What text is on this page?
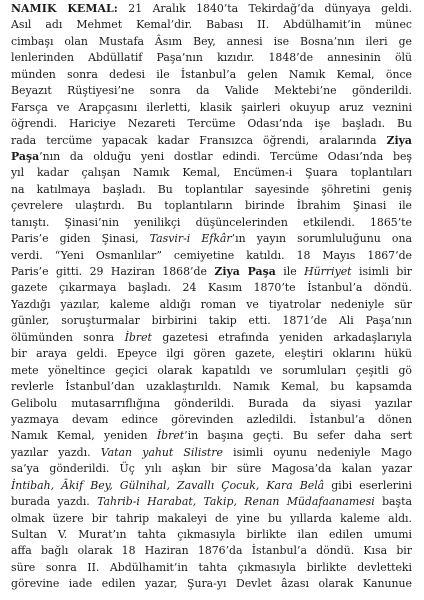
NAMIK KEMAL: 21 Aralık 1840’ta Tekirdağ’da dünyaya geldi.
Asıl adı Mehmet Kemal’dir. Babası II. Abdülhamit’in münec
cimbaşı olan Mustafa Âsım Bey, annesi ise Bosna’nın ileri ge
lenlerinden Abdüllatif Paşa’nın kızıdır. 1848’de annesinin ölü
münden sonra dedesi ile İstanbul’a gelen Namık Kemal, önce
Beyazıt Rüştiyesi’ne sonra da Valide Mektebi’ne gönderildi.
Farsça ve Arapçasını ilerletti, klasik şairleri okuyup aruz veznini
öğrendi. Hariciye Nezareti Tercüme Odası’nda işe başladı. Bu
rada tercüme yapacak kadar Fransızca öğrendi, aralarında Ziya
Paşa’nın da olduğu yeni dostlar edindi. Tercüme Odası’nda beş
yıl kadar çalışan Namık Kemal, Encümen-i Şuara toplantıları
na katılmaya başladı. Bu toplantılar sayesinde şöhretini geniş
çevrelere ulaştırdı. Bu toplantıların birinde İbrahim Şinasi ile
tanıştı. Şinasi’nin yenilikçi düşüncelerinden etkilendi. 1865’te
Paris’e giden Şinasi, Tasvir-i Efkâr’ın yayın sorumluluğunu ona
verdi. “Yeni Osmanlılar” cemiyetine katıldı. 18 Mayıs 1867’de
Paris’e gitti. 29 Haziran 1868’de Ziya Paşa ile Hürriyet isimli bir
gazete çıkarmaya başladı. 24 Kasım 1870’te İstanbul’a döndü.
Yazdığı yazılar, kaleme aldığı roman ve tiyatrolar nedeniyle sür
günler, soruşturmalar birbirini takip etti. 1871’de Ali Paşa’nın
ölümünden sonra İbret gazetesi etrafında yeniden arkadaşlarıyla
bir araya geldi. Epeyce ilgi gören gazete, eleştiri oklarını hükü
mete yöneltince geçici olarak kapatıldı ve sorumluları çeşitli gö
revlerle İstanbul’dan uzaklaştırıldı. Namık Kemal, bu kapsamda
Gelibolu mutasarrıflığına gönderildi. Burada da siyasi yazılar
yazmaya devam edince görevinden azledildi. İstanbul’a dönen
Namık Kemal, yeniden İbret’in başına geçti. Bu sefer daha sert
yazılar yazdı. Vatan yahut Silistre isimli oyunu nedeniyle Mago
sa’ya gönderildi. Üç yılı aşkın bir süre Magosa’da kalan yazar
İntibah, Âkif Bey, Gülnihal, Zavallı Çocuk, Kara Belâ gibi eserlerini
burada yazdı. Tahrib-i Harabat, Takip, Renan Müdafaanamesi başta
olmak üzere bir tahrip makaleyi de yine bu yıllarda kaleme aldı.
Sultan V. Murat’ın tahta çıkmasıyla birlikte ilan edilen umumi
affa bağlı olarak 18 Haziran 1876’da İstanbul’a döndü. Kısa bir
süre sonra II. Abdülhamit’in tahta çıkmasıyla birlikte devletteki
görevine iade edilen yazar, Şura-yı Devlet âzası olarak Kanunue
